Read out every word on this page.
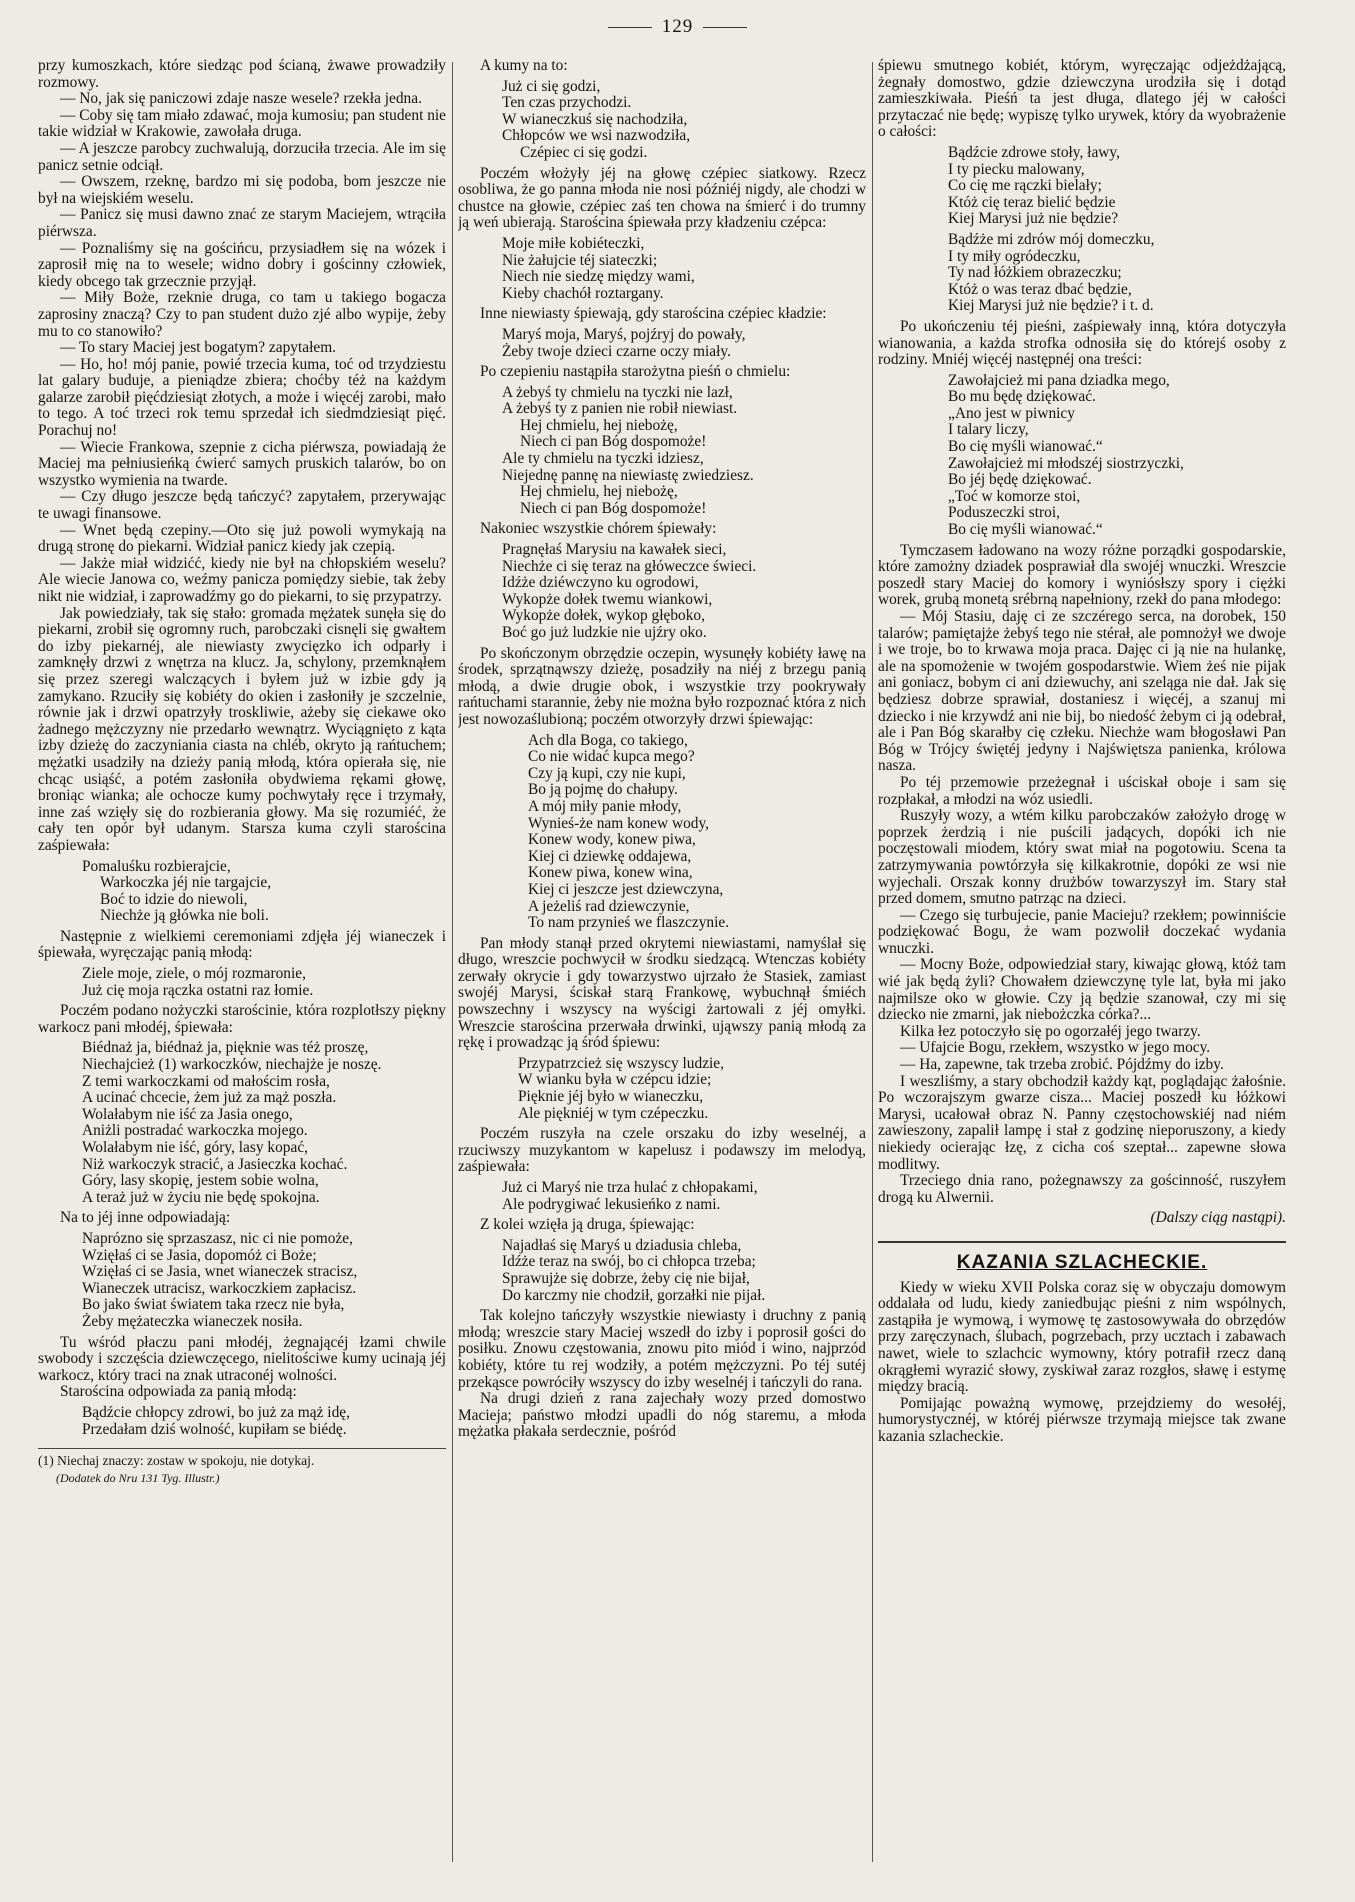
129

przy kumoszkach, które siedząc pod ścianą, żwawe prowadziły rozmowy.

— No, jak się paniczowi zdaje nasze wesele? rzekła jedna.

— Coby się tam miało zdawać, moja kumosiu; pan student nie takie widział w Krakowie, zawołała druga.

— A jeszcze parobcy zuchwalują, dorzuciła trzecia. Ale im się panicz setnie odciął.

— Owszem, rzeknę, bardzo mi się podoba, bom jeszcze nie był na wiejskiém weselu.

— Panicz się musi dawno znać ze starym Maciejem, wtrąciła piérwsza.

— Poznaliśmy się na gościńcu, przysiadłem się na wózek i zaprosił mię na to wesele; widno dobry i gościnny człowiek, kiedy obcego tak grzecznie przyjął.

— Miły Boże, rzeknie druga, co tam u takiego bogacza zaprosiny znaczą? Czy to pan student dużo zjé albo wypije, żeby mu to co stanowiło?

— To stary Maciej jest bogatym? zapytałem.

— Ho, ho! mój panie, powié trzecia kuma, toć od trzydziestu lat galary buduje, a pieniądze zbiera; choćby téż na każdym galarze zarobił pięćdziesiąt złotych, a może i więcéj zarobi, mało to tego. A toć trzeci rok temu sprzedał ich siedmdziesiąt pięć. Porachuj no!

— Wiecie Frankowa, szepnie z cicha piérwsza, powiadają że Maciej ma pełniusieńką ćwierć samych pruskich talarów, bo on wszystko wymienia na twarde.

— Czy długo jeszcze będą tańczyć? zapytałem, przerywając te uwagi finansowe.

— Wnet będą czepiny.—Oto się już powoli wymykają na drugą stronę do piekarni. Widział panicz kiedy jak czepią.

— Jakże miał widzićć, kiedy nie był na chłopskiém weselu? Ale wiecie Janowa co, weźmy panicza pomiędzy siebie, tak żeby nikt nie widział, i zaprowadźmy go do piekarni, to się przypatrzy.

Jak powiedziały, tak się stało: gromada mężatek sunęła się do piekarni, zrobił się ogromny ruch, parobczaki cisnęli się gwałtem do izby piekarnéj, ale niewiasty zwycięzko ich odparły i zamknęły drzwi z wnętrza na klucz. Ja, schylony, przemknąłem się przez szeregi walczących i byłem już w izbie gdy ją zamykano. Rzuciły się kobiéty do okien i zasłoniły je szczelnie, równie jak i drzwi opatrzyły troskliwie, ażeby się ciekawe oko żadnego mężczyzny nie przedarło wewnątrz. Wyciągnięto z kąta izby dzieżę do zaczyniania ciasta na chléb, okryto ją rańtuchem; mężatki usadziły na dzieży panią młodą, która opierała się, nie chcąc usiąść, a potém zasłoniła obydwiema rękami głowę, broniąc wianka; ale ochocze kumy pochwytały ręce i trzymały, inne zaś wzięły się do rozbierania głowy. Ma się rozumiéć, że cały ten opór był udanym. Starsza kuma czyli starościna zaśpiewała:

Pomaluśku rozbierajcie,
Warkoczka jéj nie targajcie,
Boć to idzie do niewoli,
Niechże ją główka nie boli.

Następnie z wielkiemi ceremoniami zdjęła jéj wianeczek i śpiewała, wyręczając panią młodą:

Ziele moje, ziele, o mój rozmaronie,
Już cię moja rączka ostatni raz łomie.

Poczém podano nożyczki starościnie, która rozplotłszy piękny warkocz pani młodéj, śpiewała:

Biédnaż ja, biédnaż ja, pięknie was téż proszę,
Niechajcież (1) warkoczków, niechajże je noszę.
Z temi warkoczkami od małościm rosła,
A ucinać chcecie, żem już za mąż poszła.
Wolałabym nie iść za Jasia onego,
Aniżli postradać warkoczka mojego.
Wolałabym nie iść, góry, lasy kopać,
Niż warkoczyk stracić, a Jasieczka kochać.
Góry, lasy skopię, jestem sobie wolna,
A teraż już w życiu nie będę spokojna.

Na to jéj inne odpowiadają:

Naprózno się sprzaszasz, nic ci nie pomoże,
Wzięłaś ci se Jasia, dopomóż ci Boże;
Wzięłaś ci se Jasia, wnet wianeczek stracisz,
Wianeczek utracisz, warkoczkiem zapłacisz.
Bo jako świat światem taka rzecz nie była,
Żeby mężateczka wianeczek nosiła.

Tu wśród płaczu pani młodéj, żegnającéj łzami chwile swobody i szczęścia dziewczęcego, nielitościwe kumy ucinają jéj warkocz, który traci na znak utraconéj wolności.

Starościna odpowiada za panią młodą:

Bądźcie chłopcy zdrowi, bo już za mąż idę,
Przedałam dziś wolność, kupiłam se biédę.
(1) Niechaj znaczy: zostaw w spokoju, nie dotykaj.
(Dodatek do Nru 131 Tyg. Illustr.)

A kumy na to:

Już ci się godzi,
Ten czas przychodzi.
W wianeczkuś się nachodziła,
Chłopców we wsi nazwodziła,
Czépiec ci się godzi.

Poczém włożyły jéj na głowę czépiec siatkowy. Rzecz osobliwa, że go panna młoda nie nosi późniéj nigdy, ale chodzi w chustce na głowie, czépiec zaś ten chowa na śmierć i do trumny ją weń ubierają. Starościna śpiewała przy kładzeniu czépca:

Moje miłe kobiéteczki,
Nie żałujcie téj siateczki;
Niech nie siedzę między wami,
Kieby chachół roztargany.

Inne niewiasty śpiewają, gdy starościna czépiec kładzie:

Maryś moja, Maryś, pojźryj do powały,
Żeby twoje dzieci czarne oczy miały.

Po czepieniu nastąpiła starożytna pieśń o chmielu:

A żebyś ty chmielu na tyczki nie lazł,
A żebyś ty z panien nie robił niewiast.
Hej chmielu, hej niebożę,
Niech ci pan Bóg dospomoże!
Ale ty chmielu na tyczki idziesz,
Niejednę pannę na niewiastę zwiedziesz.
Hej chmielu, hej niebożę,
Niech ci pan Bóg dospomoże!

Nakoniec wszystkie chórem śpiewały:

Pragnęłaś Marysiu na kawałek sieci,
Niechże ci się teraz na główeczce świeci.
Idźże dziéwczyno ku ogrodowi,
Wykopże dołek twemu wiankowi,
Wykopże dołek, wykop głęboko,
Boć go już ludzkie nie ujźry oko.

Po skończonym obrzędzie oczepin, wysunęły kobiéty ławę na środek, sprzątnąwszy dzieżę, posadziły na niéj z brzegu panią młodą, a dwie drugie obok, i wszystkie trzy pookrywały rańtuchami starannie, żeby nie można było rozpoznać która z nich jest nowozaślubioną; poczém otworzyły drzwi śpiewając:

Ach dla Boga, co takiego,
Co nie widać kupca mego?
Czy ją kupi, czy nie kupi,
Bo ją pojmę do chałupy.
A mój miły panie młody,
Wynieś-że nam konew wody,
Konew wody, konew piwa,
Kiej ci dziewkę oddajewa,
Konew piwa, konew wina,
Kiej ci jeszcze jest dziewczyna,
A jeżeliś rad dziewczynie,
To nam przynieś we flaszczynie.

Pan młody stanął przed okrytemi niewiastami, namyślał się długo, wreszcie pochwycił w środku siedzącą. Wtenczas kobiéty zerwały okrycie i gdy towarzystwo ujrzało że Stasiek, zamiast swojéj Marysi, ściskał starą Frankowę, wybuchnął śmiéch powszechny i wszyscy na wyścigi żartowali z jéj omyłki. Wreszcie starościna przerwała drwinki, ująwszy panią młodą za rękę i prowadząc ją śród śpiewu:

Przypatrzcież się wszyscy ludzie,
W wianku była w czépcu idzie;
Pięknie jéj było w wianeczku,
Ale piękniéj w tym czépeczku.

Poczém ruszyła na czele orszaku do izby weselnéj, a rzuciwszy muzykantom w kapelusz i podawszy im melodyą, zaśpiewała:

Już ci Maryś nie trza hulać z chłopakami,
Ale podrygiwać lekusieńko z nami.

Z kolei wzięła ją druga, śpiewając:

Najadłaś się Maryś u dziadusia chleba,
Idźże teraz na swój, bo ci chłopca trzeba;
Sprawujże się dobrze, żeby cię nie bijał,
Do karczmy nie chodził, gorzałki nie pijał.

Tak kolejno tańczyły wszystkie niewiasty i druchny z panią młodą; wreszcie stary Maciej wszedł do izby i poprosił gości do posiłku. Znowu częstowania, znowu pito miód i wino, najprzód kobiéty, które tu rej wodziły, a potém mężczyzni. Po téj sutéj przekąsce powróciły wszyscy do izby weselnéj i tańczyli do rana.

Na drugi dzień z rana zajechały wozy przed domostwo Macieja; państwo młodzi upadli do nóg staremu, a młoda mężatka płakała serdecznie, pośród

śpiewu smutnego kobiét, którym, wyręczając odjeżdżającą, żegnały domostwo, gdzie dziewczyna urodziła się i dotąd zamieszkiwała. Pieśń ta jest długa, dlatego jéj w całości przytaczać nie będę; wypiszę tylko urywek, który da wyobrażenie o całości:

Bądźcie zdrowe stoły, ławy,
I ty piecku malowany,
Co cię me rączki bielały;
Któż cię teraz bielić będzie
Kiej Marysi już nie będzie?
Bądźże mi zdrów mój domeczku,
I ty miły ogródeczku,
Ty nad łóżkiem obrazeczku;
Któż o was teraz dbać będzie,
Kiej Marysi już nie będzie? i t. d.

Po ukończeniu téj pieśni, zaśpiewały inną, która dotyczyła wianowania, a każda strofka odnosiła się do którejś osoby z rodziny. Mniéj więcéj następnéj ona treści:

Zawołajcież mi pana dziadka mego,
Bo mu będę dziękować.
„Ano jest w piwnicy
I talary liczy,
Bo cię myśli wianować.“
Zawołajcież mi młodszéj siostrzyczki,
Bo jéj będę dziękować.
„Toć w komorze stoi,
Poduszeczki stroi,
Bo cię myśli wianować.“

Tymczasem ładowano na wozy różne porządki gospodarskie, które zamożny dziadek posprawiał dla swojéj wnuczki. Wreszcie poszedł stary Maciej do komory i wyniósłszy spory i ciężki worek, grubą monetą srébrną napełniony, rzekł do pana młodego:

— Mój Stasiu, daję ci ze szczérego serca, na dorobek, 150 talarów; pamiętajże żebyś tego nie stérał, ale pomnożył we dwoje i we troje, bo to krwawa moja praca. Dajęc ci ją nie na hulankę, ale na spomożenie w twojém gospodarstwie. Wiem żeś nie pijak ani goniacz, bobym ci ani dziewuchy, ani szeląga nie dał. Jak się będziesz dobrze sprawiał, dostaniesz i więcéj, a szanuj mi dziecko i nie krzywdź ani nie bij, bo niedość żebym ci ją odebrał, ale i Pan Bóg skarałby cię człeku. Niechże wam błogosławi Pan Bóg w Trójcy świętéj jedyny i Najświętsza panienka, królowa nasza.

Po téj przemowie przeżegnał i uściskał oboje i sam się rozpłakał, a młodzi na wóz usiedli.

Ruszyły wozy, a wtém kilku parobczaków założyło drogę w poprzek żerdzią i nie puścili jadących, dopóki ich nie poczęstowali miodem, który swat miał na pogotowiu. Scena ta zatrzymywania powtórzyła się kilkakrotnie, dopóki ze wsi nie wyjechali. Orszak konny drużbów towarzyszył im. Stary stał przed domem, smutno patrząc na dzieci.

— Czego się turbujecie, panie Macieju? rzekłem; powinniście podziękować Bogu, że wam pozwolił doczekać wydania wnuczki.

— Mocny Boże, odpowiedział stary, kiwając głową, któż tam wié jak będą żyli? Chowałem dziewczynę tyle lat, była mi jako najmilsze oko w głowie. Czy ją będzie szanował, czy mi się dziecko nie zmarni, jak niebożczka córka?...

Kilka łez potoczyło się po ogorzałéj jego twarzy.

— Ufajcie Bogu, rzekłem, wszystko w jego mocy.

— Ha, zapewne, tak trzeba zrobić. Pójdźmy do izby.

I weszliśmy, a stary obchodził każdy kąt, poglądając żałośnie. Po wczorajszym gwarze cisza... Maciej poszedł ku łóżkowi Marysi, ucałował obraz N. Panny częstochowskiéj nad niém zawieszony, zapalił lampę i stał z godzinę nieporuszony, a kiedy niekiedy ocierając łzę, z cicha coś szeptał... zapewne słowa modlitwy.

Trzeciego dnia rano, pożegnawszy za gościnność, ruszyłem drogą ku Alwernii.

(Dalszy ciąg nastąpi).
KAZANIA SZLACHECKIE.

Kiedy w wieku XVII Polska coraz się w obyczaju domowym oddalała od ludu, kiedy zaniedbując pieśni z nim wspólnych, zastąpiła je wymową, i wymowę tę zastosowywała do obrzędów przy zaręczynach, ślubach, pogrzebach, przy ucztach i zabawach nawet, wiele to szlachcic wymowny, który potrafił rzecz daną okrągłemi wyrazić słowy, zyskiwał zaraz rozgłos, sławę i estymę między bracią.

Pomijając poważną wymowę, przejdziemy do wesołéj, humorystycznéj, w któréj piérwsze trzymają miejsce tak zwane kazania szlacheckie.
